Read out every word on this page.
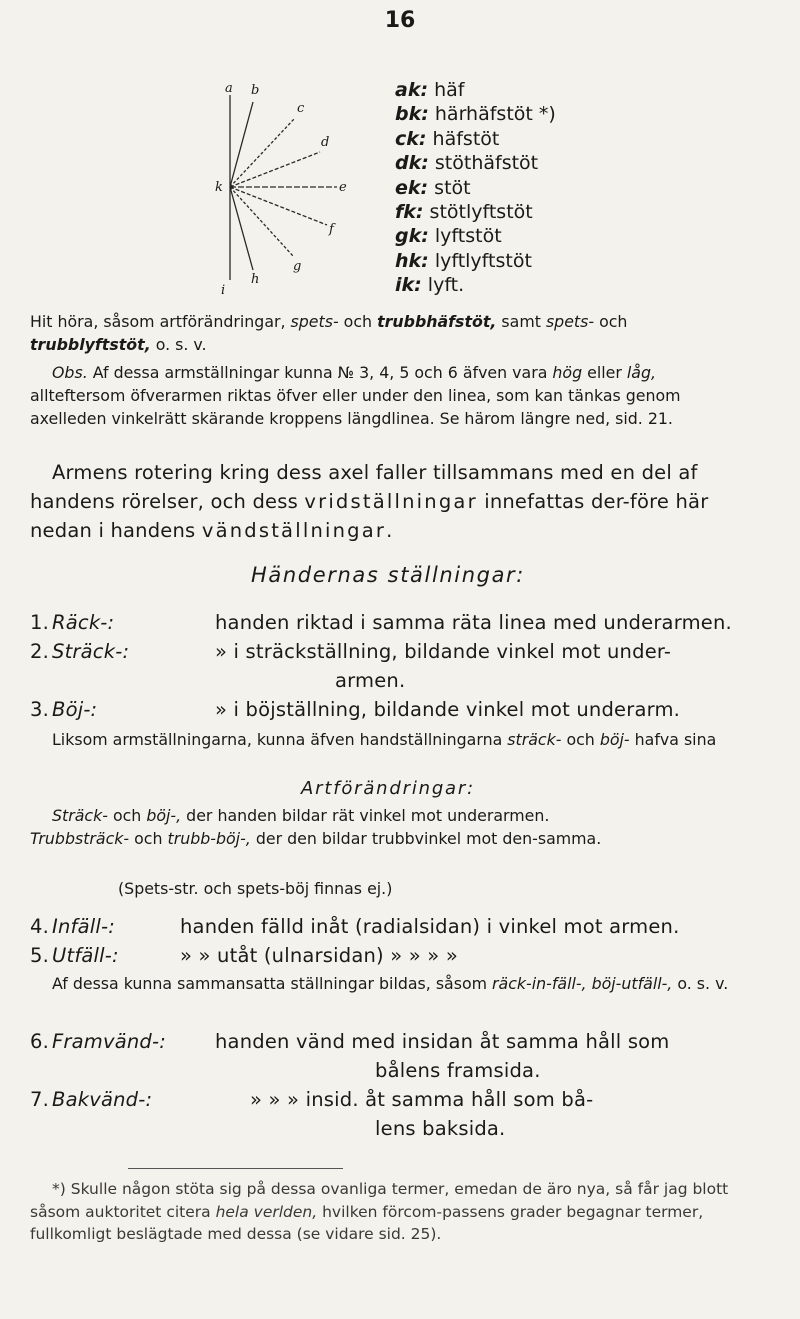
16
a b
c
d
e
f
g
h
i
k
ak: häf
bk: härhäfstöt *)
ck: häfstöt
dk: stöthäfstöt
ek: stöt
fk: stötlyftstöt
gk: lyftstöt
hk: lyftlyftstöt
ik: lyft.
Hit höra, såsom artförändringar, spets- och trubbhäfstöt, samt spets- och trubblyftstöt, o. s. v.
Obs. Af dessa armställningar kunna № 3, 4, 5 och 6 äfven vara hög eller låg, allteftersom öfverarmen riktas öfver eller under den linea, som kan tänkas genom axelleden vinkelrätt skärande kroppens längdlinea. Se härom längre ned, sid. 21.
Armens rotering kring dess axel faller tillsammans med en del af handens rörelser, och dess vridställningar innefattas der-före här nedan i handens vändställningar.
Händernas ställningar:
1. Räck-:	handen riktad i samma räta linea med underarmen.
2. Sträck-:	» i sträckställning, bildande vinkel mot under-
armen.
3. Böj-:	» i böjställning, bildande vinkel mot underarm.
Liksom armställningarna, kunna äfven handställningarna sträck- och böj- hafva sina
Artförändringar:
Sträck- och böj-, der handen bildar rät vinkel mot underarmen.
Trubbsträck- och trubb-böj-, der den bildar trubbvinkel mot den-samma.
(Spets-str. och spets-böj finnas ej.)
4. Infäll-:	handen fälld inåt (radialsidan) i vinkel mot armen.
5. Utfäll-:	» » utåt (ulnarsidan) » » » »
Af dessa kunna sammansatta ställningar bildas, såsom räck-in-fäll-, böj-utfäll-, o. s. v.
6. Framvänd-:	handen vänd med insidan åt samma håll som
bålens framsida.
7. Bakvänd-:	» » » insid. åt samma håll som bå-
lens baksida.
*) Skulle någon stöta sig på dessa ovanliga termer, emedan de äro nya, så får jag blott såsom auktoritet citera hela verlden, hvilken förcom-passens grader begagnar termer, fullkomligt beslägtade med dessa (se vidare sid. 25).
